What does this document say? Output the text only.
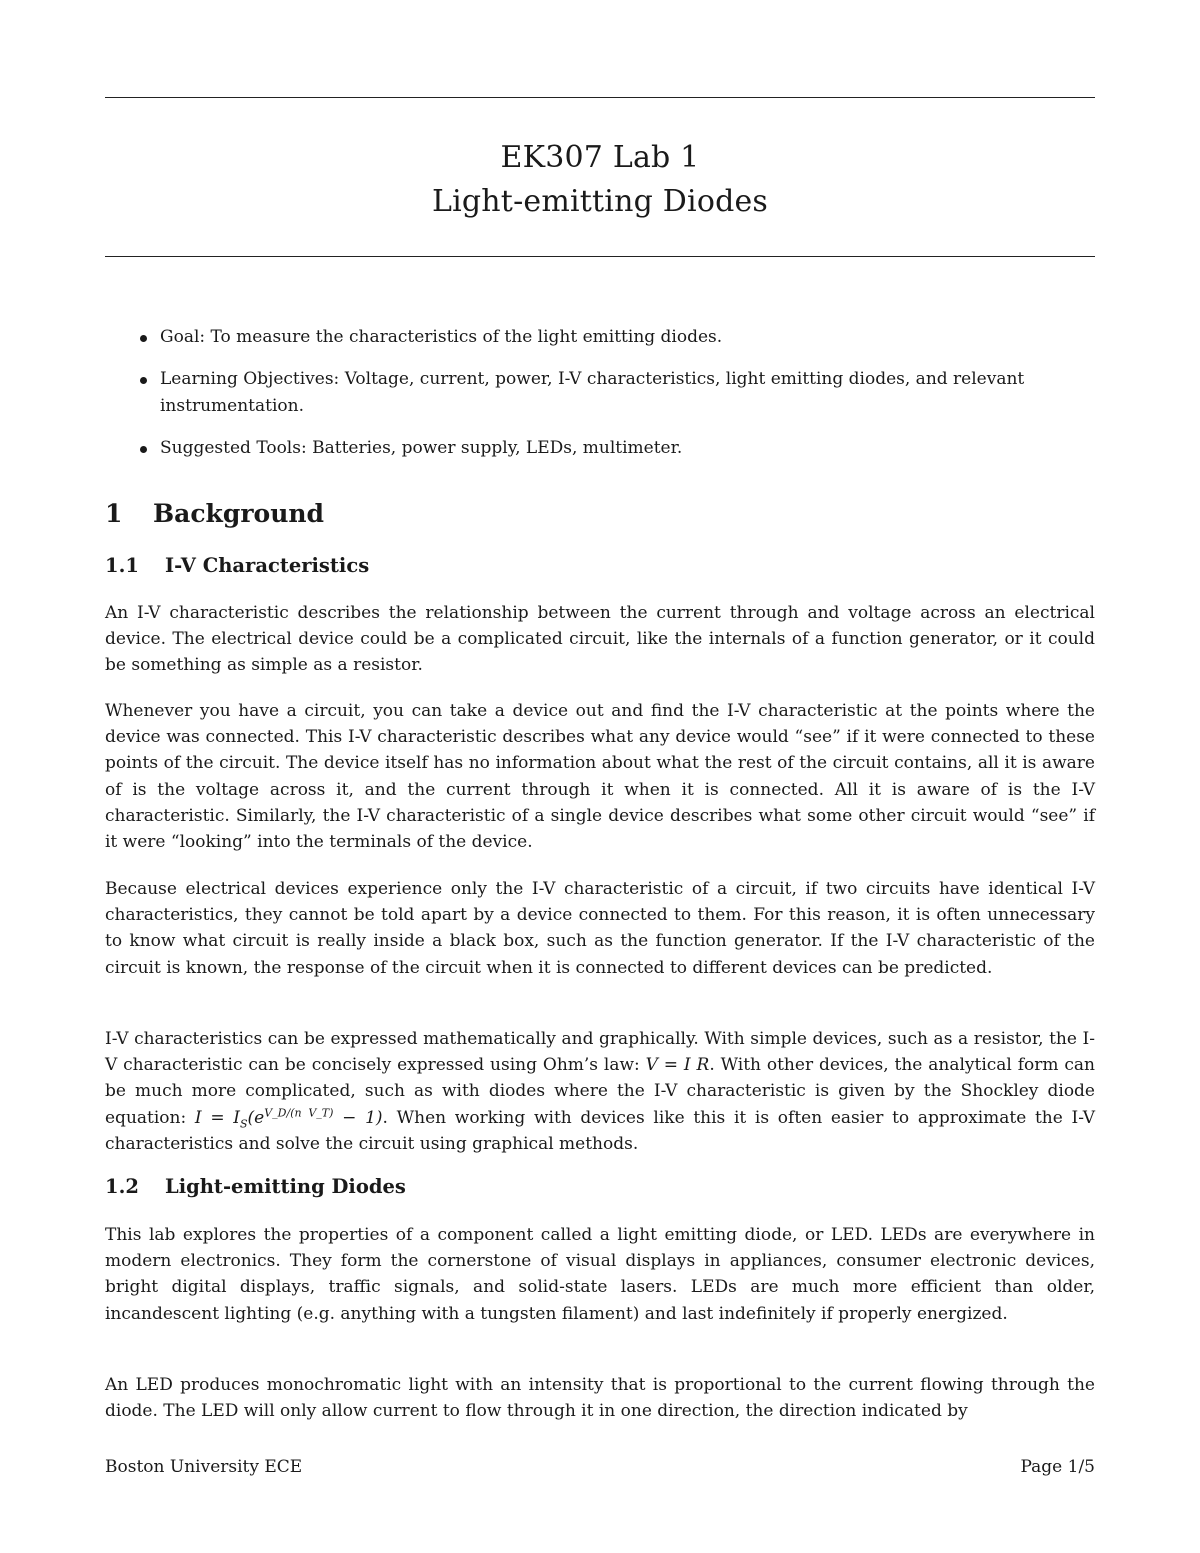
EK307 Lab 1
Light-emitting Diodes
Goal: To measure the characteristics of the light emitting diodes.
Learning Objectives: Voltage, current, power, I-V characteristics, light emitting diodes, and relevant instrumentation.
Suggested Tools: Batteries, power supply, LEDs, multimeter.
1 Background
1.1 I-V Characteristics

An I-V characteristic describes the relationship between the current through and voltage across an electrical device. The electrical device could be a complicated circuit, like the internals of a function generator, or it could be something as simple as a resistor.

Whenever you have a circuit, you can take a device out and find the I-V characteristic at the points where the device was connected. This I-V characteristic describes what any device would “see” if it were connected to these points of the circuit. The device itself has no information about what the rest of the circuit contains, all it is aware of is the voltage across it, and the current through it when it is connected. All it is aware of is the I-V characteristic. Similarly, the I-V characteristic of a single device describes what some other circuit would “see” if it were “looking” into the terminals of the device.

Because electrical devices experience only the I-V characteristic of a circuit, if two circuits have identical I-V characteristics, they cannot be told apart by a device connected to them. For this reason, it is often unnecessary to know what circuit is really inside a black box, such as the function generator. If the I-V characteristic of the circuit is known, the response of the circuit when it is connected to different devices can be predicted.

I-V characteristics can be expressed mathematically and graphically. With simple devices, such as a resistor, the I-V characteristic can be concisely expressed using Ohm’s law: V = I R. With other devices, the analytical form can be much more complicated, such as with diodes where the I-V characteristic is given by the Shockley diode equation: $I = I_S(e^{V\_D/(n V\_T)} - 1)$. When working with devices like this it is often easier to approximate the I-V characteristics and solve the circuit using graphical methods.

1.2 Light-emitting Diodes

This lab explores the properties of a component called a light emitting diode, or LED. LEDs are everywhere in modern electronics. They form the cornerstone of visual displays in appliances, consumer electronic devices, bright digital displays, traffic signals, and solid-state lasers. LEDs are much more efficient than older, incandescent lighting (e.g. anything with a tungsten filament) and last indefinitely if properly energized.

An LED produces monochromatic light with an intensity that is proportional to the current flowing through the diode. The LED will only allow current to flow through it in one direction, the direction indicated by

Boston University ECE	Page 1/5
